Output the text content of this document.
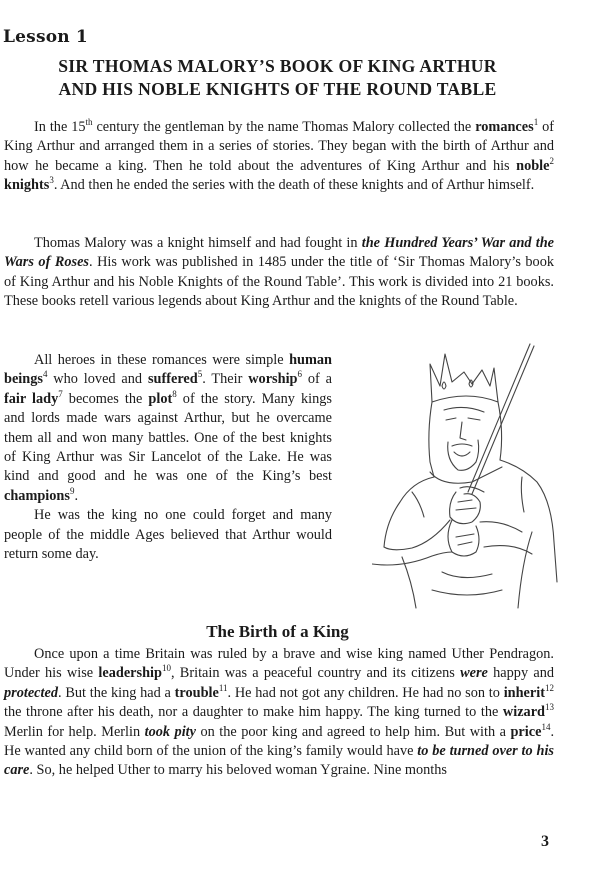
Lesson 1
SIR THOMAS MALORY’S BOOK OF KING ARTHUR
AND HIS NOBLE KNIGHTS OF THE ROUND TABLE

In the 15th century the gentleman by the name Thomas Malory collected the romances$^1$ of King Arthur and arranged them in a series of stories. They began with the birth of Arthur and how he became a king. Then he told about the adventures of King Arthur and his noble$^2$ knights$^3$. And then he ended the series with the death of these knights and of Arthur himself.

Thomas Malory was a knight himself and had fought in the Hundred Years’ War and the Wars of Roses. His work was published in 1485 under the title of ‘Sir Thomas Malory’s book of King Arthur and his Noble Knights of the Round Table’. This work is divided into 21 books. These books retell various legends about King Arthur and the knights of the Round Table.

All heroes in these romances were simple human beings$^4$ who loved and suffered$^5$. Their worship$^6$ of a fair lady$^7$ becomes the plot$^8$ of the story. Many kings and lords made wars against Arthur, but he overcame them all and won many battles. One of the best knights of King Arthur was Sir Lancelot of the Lake. He was kind and good and he was one of the King’s best champions$^9$.

He was the king no one could forget and many people of the middle Ages believed that Arthur would return some day.

The Birth of a King

Once upon a time Britain was ruled by a brave and wise king named Uther Pendragon. Under his wise leadership$^{10}$, Britain was a peaceful country and its citizens were happy and protected. But the king had a trouble$^{11}$. He had not got any children. He had no son to inherit$^{12}$ the throne after his death, nor a daughter to make him happy. The king turned to the wizard$^{13}$ Merlin for help. Merlin took pity on the poor king and agreed to help him. But with a price$^{14}$. He wanted any child born of the union of the king’s family would have to be turned over to his care. So, he helped Uther to marry his beloved woman Ygraine. Nine months

3
